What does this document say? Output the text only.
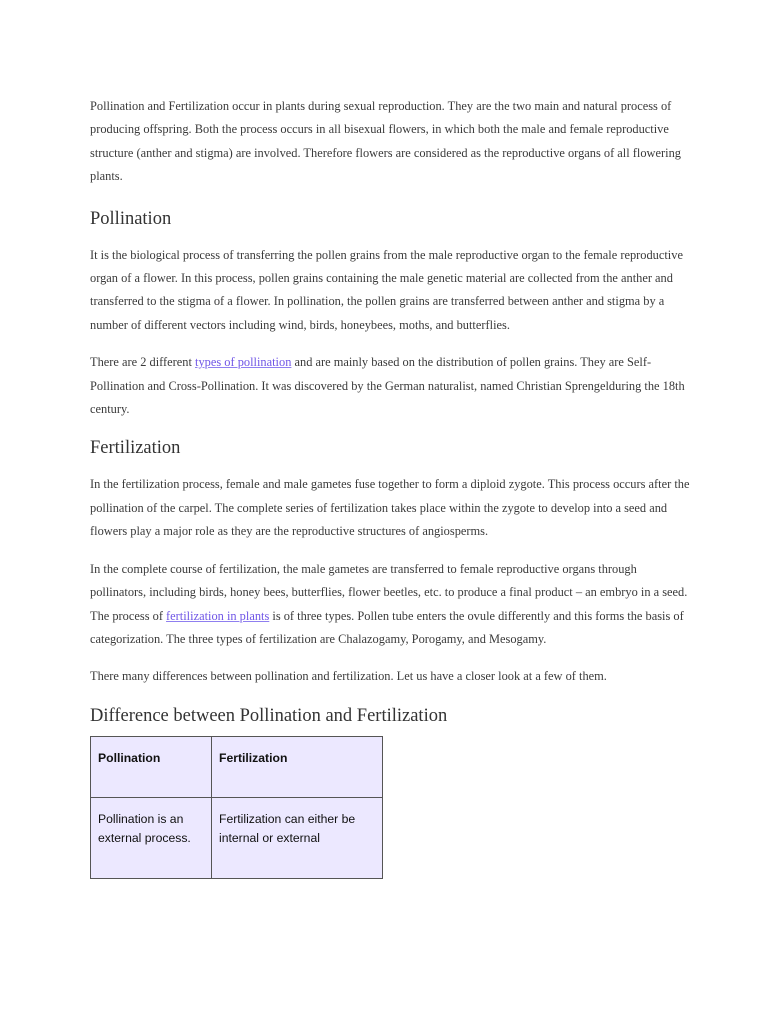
Pollination and Fertilization occur in plants during sexual reproduction. They are the two main and natural process of producing offspring. Both the process occurs in all bisexual flowers, in which both the male and female reproductive structure (anther and stigma) are involved. Therefore flowers are considered as the reproductive organs of all flowering plants.

Pollination

It is the biological process of transferring the pollen grains from the male reproductive organ to the female reproductive organ of a flower. In this process, pollen grains containing the male genetic material are collected from the anther and transferred to the stigma of a flower. In pollination, the pollen grains are transferred between anther and stigma by a number of different vectors including wind, birds, honeybees, moths, and butterflies.

There are 2 different types of pollination and are mainly based on the distribution of pollen grains. They are Self-Pollination and Cross-Pollination. It was discovered by the German naturalist, named Christian Sprengelduring the 18th century.

Fertilization

In the fertilization process, female and male gametes fuse together to form a diploid zygote. This process occurs after the pollination of the carpel. The complete series of fertilization takes place within the zygote to develop into a seed and flowers play a major role as they are the reproductive structures of angiosperms.

In the complete course of fertilization, the male gametes are transferred to female reproductive organs through pollinators, including birds, honey bees, butterflies, flower beetles, etc. to produce a final product – an embryo in a seed. The process of fertilization in plants is of three types. Pollen tube enters the ovule differently and this forms the basis of categorization. The three types of fertilization are Chalazogamy, Porogamy, and Mesogamy.

There many differences between pollination and fertilization. Let us have a closer look at a few of them.

Difference between Pollination and Fertilization
Pollination	Fertilization
Pollination is an external process.	Fertilization can either be internal or external
